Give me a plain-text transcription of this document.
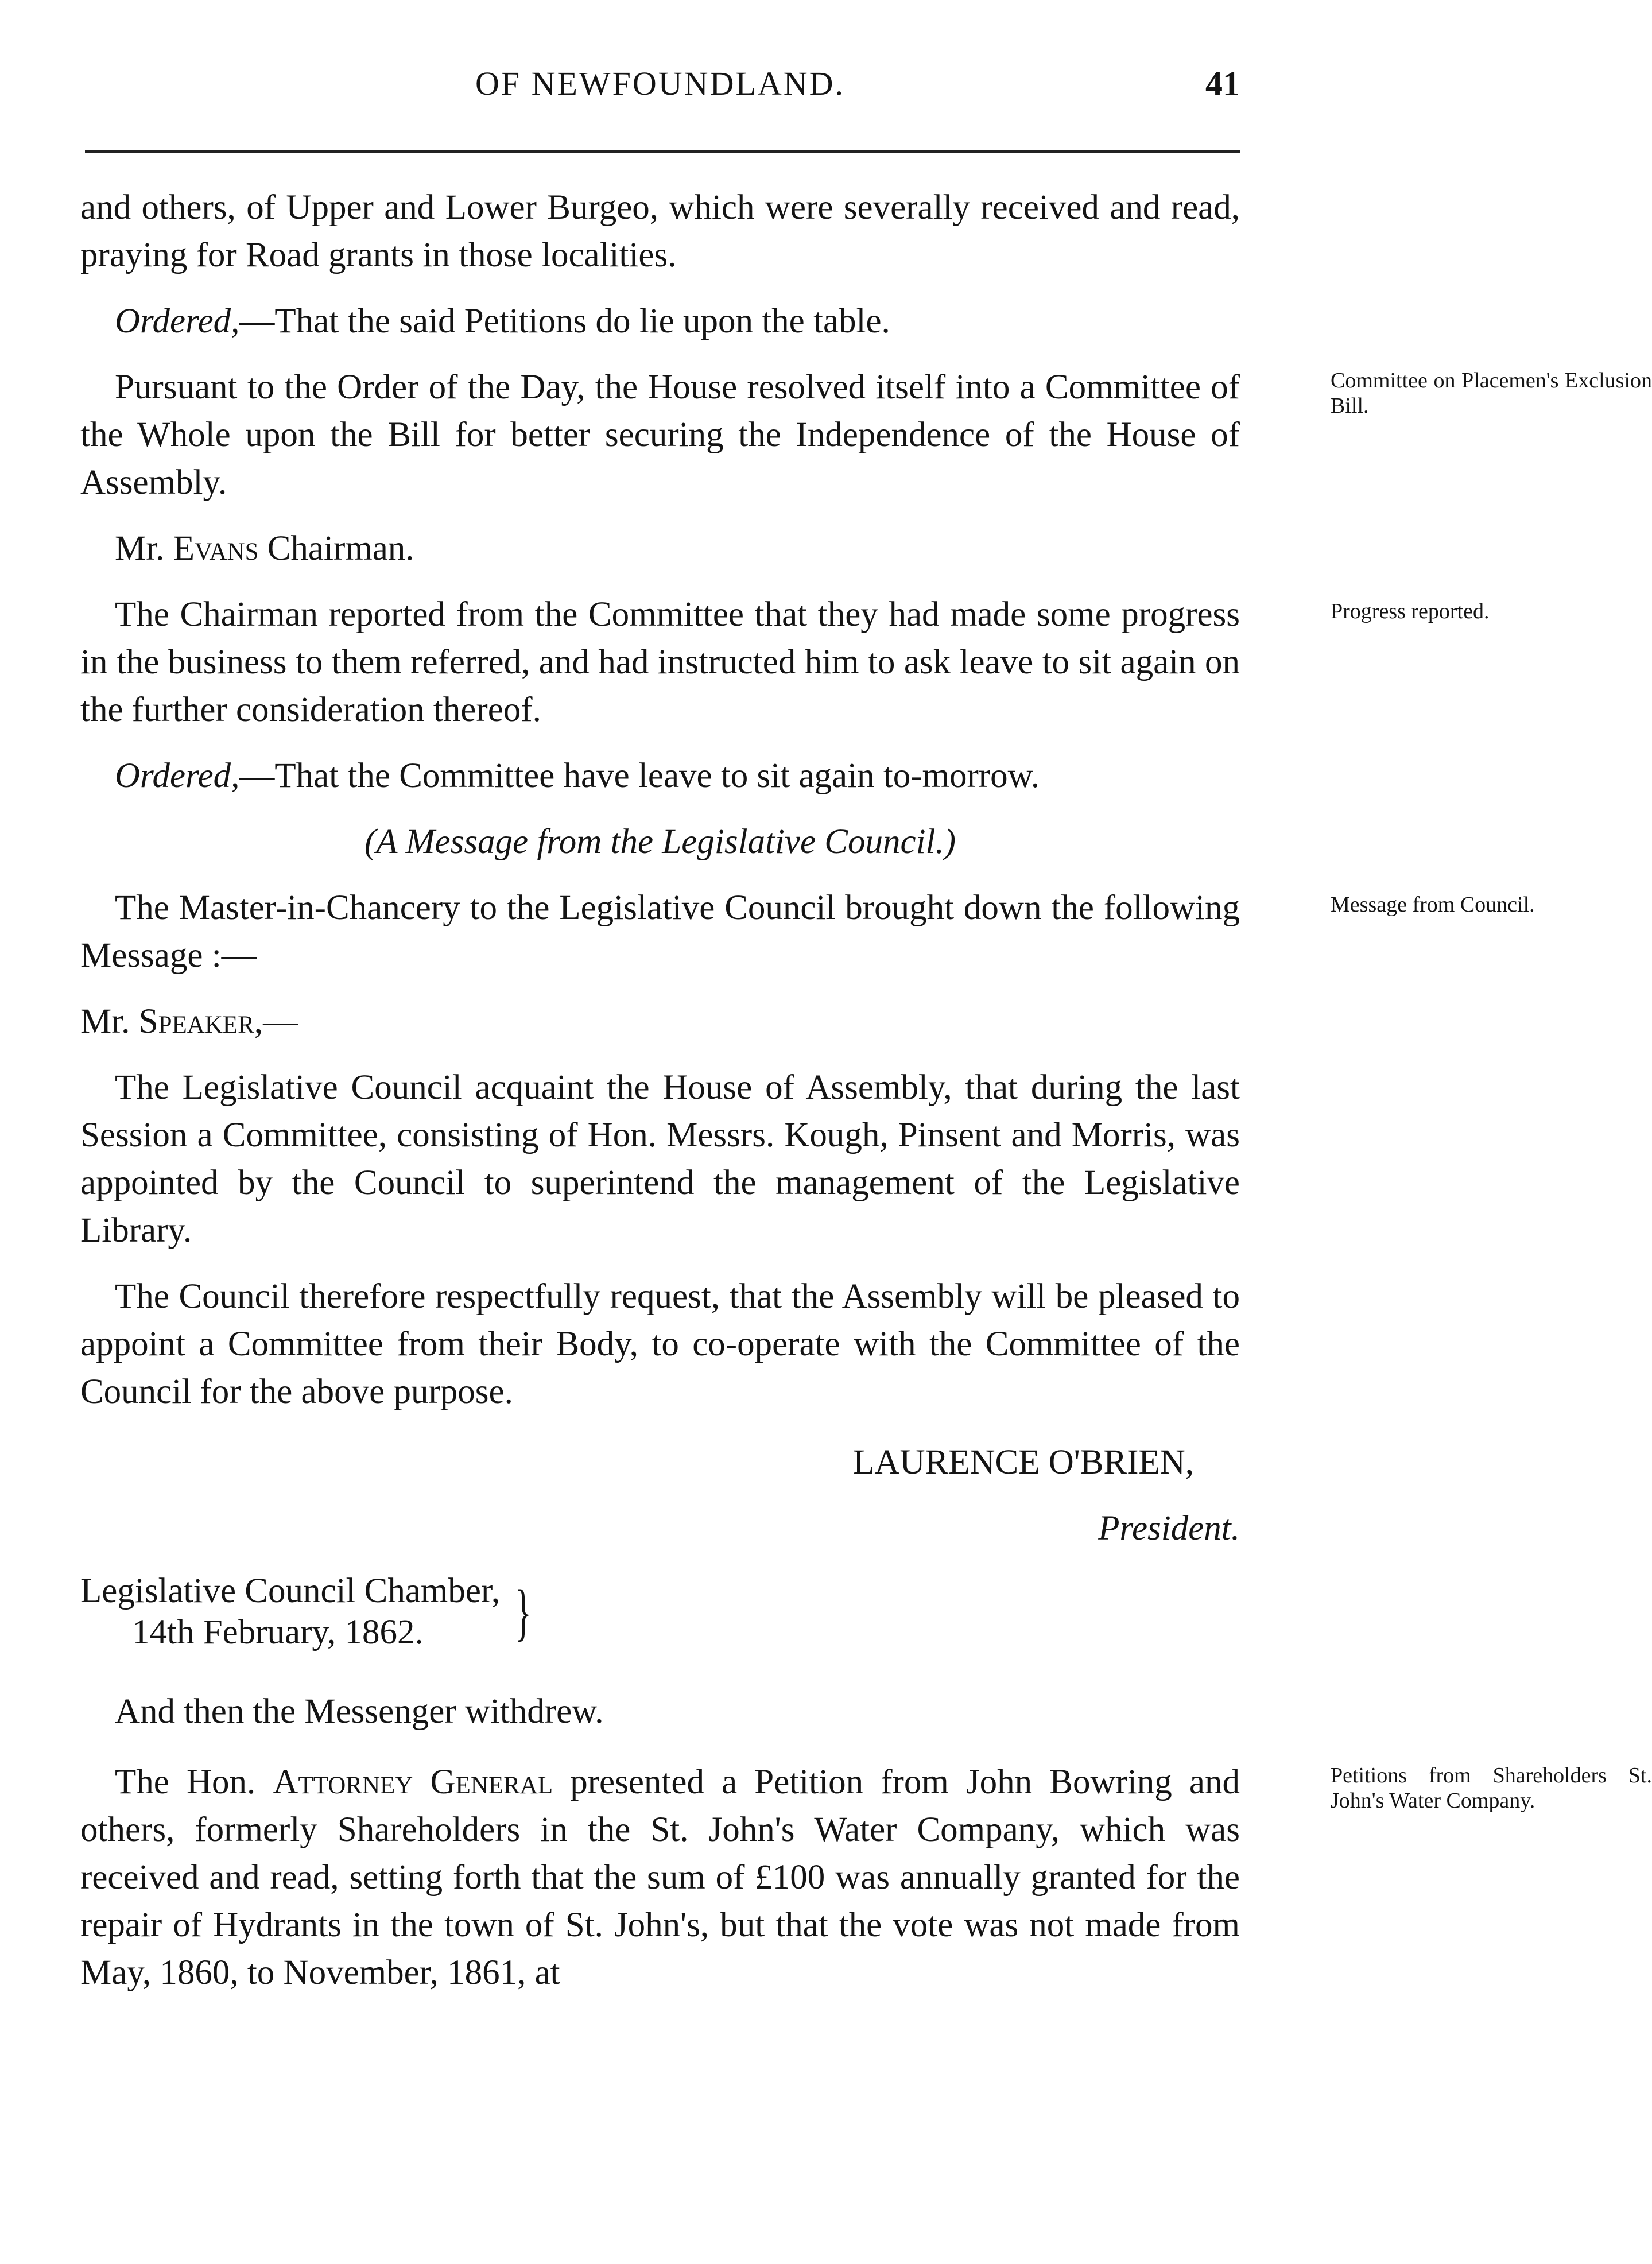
OF NEWFOUNDLAND.	41

and others, of Upper and Lower Burgeo, which were severally received and read, praying for Road grants in those localities.

Ordered,—That the said Petitions do lie upon the table.

Pursuant to the Order of the Day, the House resolved itself into a Committee of the Whole upon the Bill for better securing the Independence of the House of Assembly.
Committee on Placemen's Exclusion Bill.

Mr. Evans Chairman.

The Chairman reported from the Committee that they had made some progress in the business to them referred, and had instructed him to ask leave to sit again on the further consideration thereof.
Progress reported.

Ordered,—That the Committee have leave to sit again to-morrow.

(A Message from the Legislative Council.)

The Master-in-Chancery to the Legislative Council brought down the following Message :—
Message from Council.

Mr. Speaker,—

The Legislative Council acquaint the House of Assembly, that during the last Session a Committee, consisting of Hon. Messrs. Kough, Pinsent and Morris, was appointed by the Council to superintend the management of the Legislative Library.

The Council therefore respectfully request, that the Assembly will be pleased to appoint a Committee from their Body, to co-operate with the Committee of the Council for the above purpose.

LAURENCE O'BRIEN,

President.

Legislative Council Chamber,
14th February, 1862.	}

And then the Messenger withdrew.

The Hon. Attorney General presented a Petition from John Bowring and others, formerly Shareholders in the St. John's Water Company, which was received and read, setting forth that the sum of £100 was annually granted for the repair of Hydrants in the town of St. John's, but that the vote was not made from May, 1860, to November, 1861, at
Petitions from Shareholders St. John's Water Company.
